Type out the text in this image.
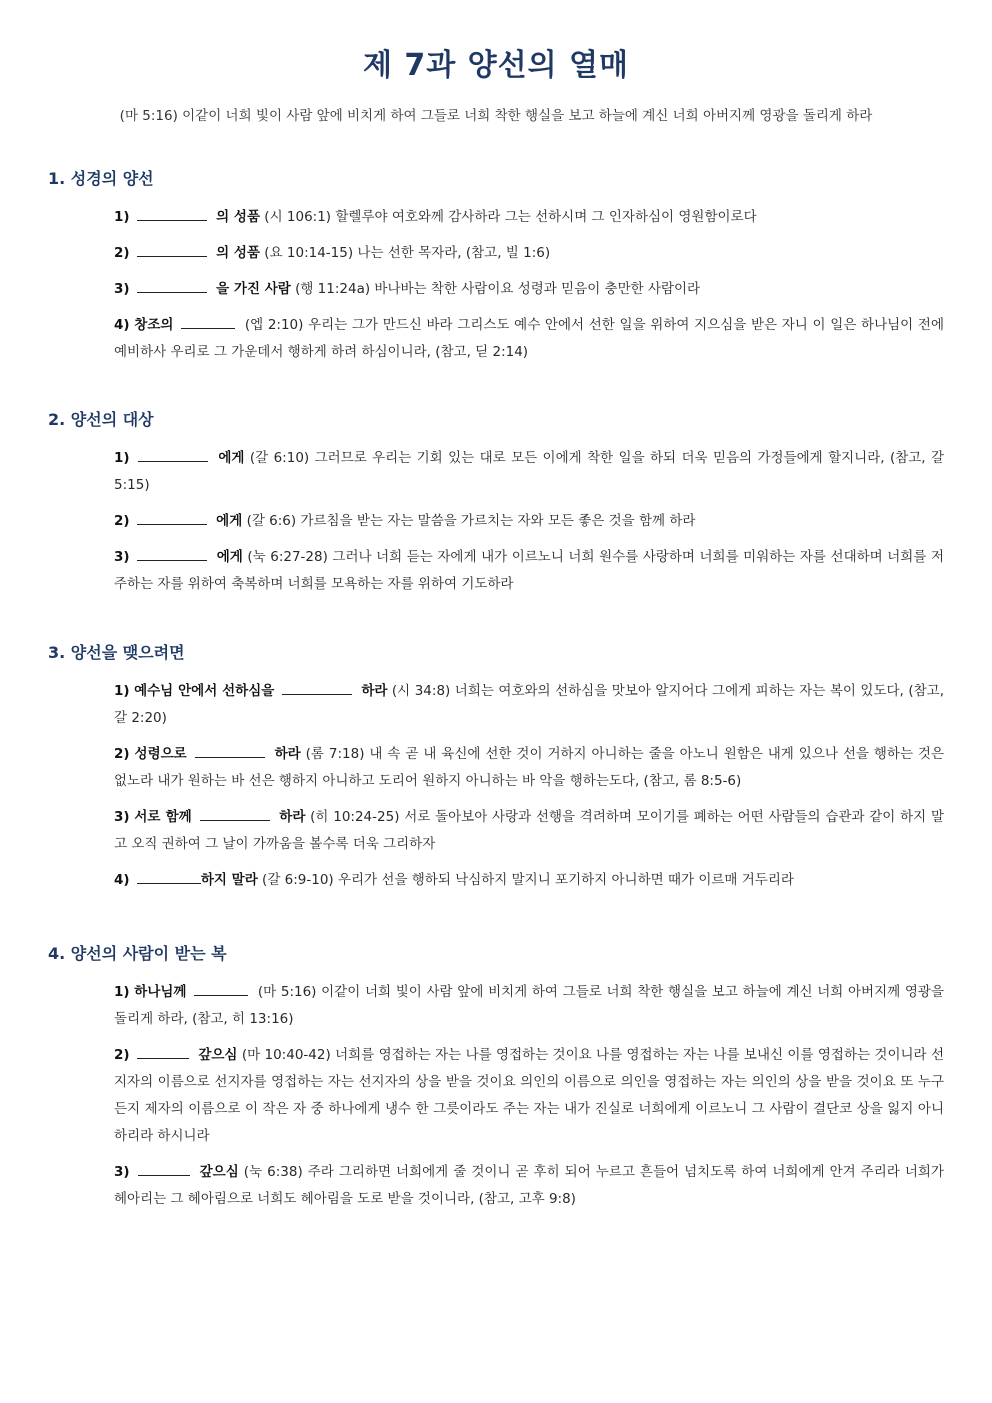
제 7과 양선의 열매

(마 5:16) 이같이 너희 빛이 사람 앞에 비치게 하여 그들로 너희 착한 행실을 보고 하늘에 계신 너희 아버지께 영광을 돌리게 하라

1. 성경의 양선
1)	의 성품 (시 106:1) 할렐루야 여호와께 감사하라 그는 선하시며 그 인자하심이 영원함이로다
2)	의 성품 (요 10:14-15) 나는 선한 목자라, (참고, 빌 1:6)
3)	을 가진 사람 (행 11:24a) 바나바는 착한 사람이요 성령과 믿음이 충만한 사람이라
4) 창조의	(엡 2:10) 우리는 그가 만드신 바라 그리스도 예수 안에서 선한 일을 위하여 지으심을 받은 자니 이 일은 하나님이 전에 예비하사 우리로 그 가운데서 행하게 하려 하심이니라, (참고, 딛 2:14)
2. 양선의 대상
1)	에게 (갈 6:10) 그러므로 우리는 기회 있는 대로 모든 이에게 착한 일을 하되 더욱 믿음의 가정들에게 할지니라, (참고, 갈 5:15)
2)	에게 (갈 6:6) 가르침을 받는 자는 말씀을 가르치는 자와 모든 좋은 것을 함께 하라
3)	에게 (눅 6:27-28) 그러나 너희 듣는 자에게 내가 이르노니 너희 원수를 사랑하며 너희를 미워하는 자를 선대하며 너희를 저주하는 자를 위하여 축복하며 너희를 모욕하는 자를 위하여 기도하라
3. 양선을 맺으려면
1) 예수님 안에서 선하심을	하라 (시 34:8) 너희는 여호와의 선하심을 맛보아 알지어다 그에게 피하는 자는 복이 있도다, (참고, 갈 2:20)
2) 성령으로	하라 (롬 7:18) 내 속 곧 내 육신에 선한 것이 거하지 아니하는 줄을 아노니 원함은 내게 있으나 선을 행하는 것은 없노라 내가 원하는 바 선은 행하지 아니하고 도리어 원하지 아니하는 바 악을 행하는도다, (참고, 롬 8:5-6)
3) 서로 함께	하라 (히 10:24-25) 서로 돌아보아 사랑과 선행을 격려하며 모이기를 폐하는 어떤 사람들의 습관과 같이 하지 말고 오직 권하여 그 날이 가까움을 볼수록 더욱 그리하자
4)	하지 말라 (갈 6:9-10) 우리가 선을 행하되 낙심하지 말지니 포기하지 아니하면 때가 이르매 거두리라
4. 양선의 사람이 받는 복
1) 하나님께	(마 5:16) 이같이 너희 빛이 사람 앞에 비치게 하여 그들로 너희 착한 행실을 보고 하늘에 계신 너희 아버지께 영광을 돌리게 하라, (참고, 히 13:16)
2)	갚으심 (마 10:40-42) 너희를 영접하는 자는 나를 영접하는 것이요 나를 영접하는 자는 나를 보내신 이를 영접하는 것이니라 선지자의 이름으로 선지자를 영접하는 자는 선지자의 상을 받을 것이요 의인의 이름으로 의인을 영접하는 자는 의인의 상을 받을 것이요 또 누구든지 제자의 이름으로 이 작은 자 중 하나에게 냉수 한 그릇이라도 주는 자는 내가 진실로 너희에게 이르노니 그 사람이 결단코 상을 잃지 아니하리라 하시니라
3)	갚으심 (눅 6:38) 주라 그리하면 너희에게 줄 것이니 곧 후히 되어 누르고 흔들어 넘치도록 하여 너희에게 안겨 주리라 너희가 헤아리는 그 헤아림으로 너희도 헤아림을 도로 받을 것이니라, (참고, 고후 9:8)
